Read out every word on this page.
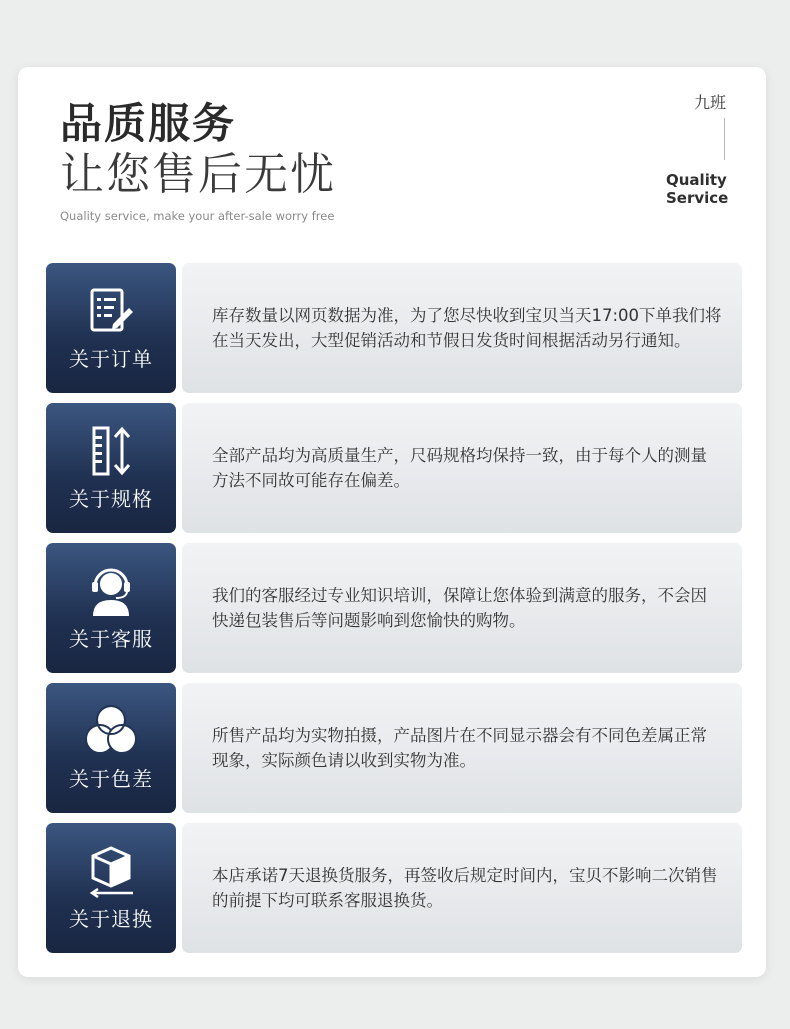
品质服务
让您售后无忧
Quality service, make your after-sale worry free
九班
Quality
Service
关于订单
库存数量以网页数据为准，为了您尽快收到宝贝当天17:00下单我们将在当天发出，大型促销活动和节假日发货时间根据活动另行通知。
关于规格
全部产品均为高质量生产，尺码规格均保持一致，由于每个人的测量方法不同故可能存在偏差。
关于客服
我们的客服经过专业知识培训，保障让您体验到满意的服务，不会因快递包装售后等问题影响到您愉快的购物。
关于色差
所售产品均为实物拍摄，产品图片在不同显示器会有不同色差属正常现象，实际颜色请以收到实物为准。
关于退换
本店承诺7天退换货服务，再签收后规定时间内，宝贝不影响二次销售的前提下均可联系客服退换货。
